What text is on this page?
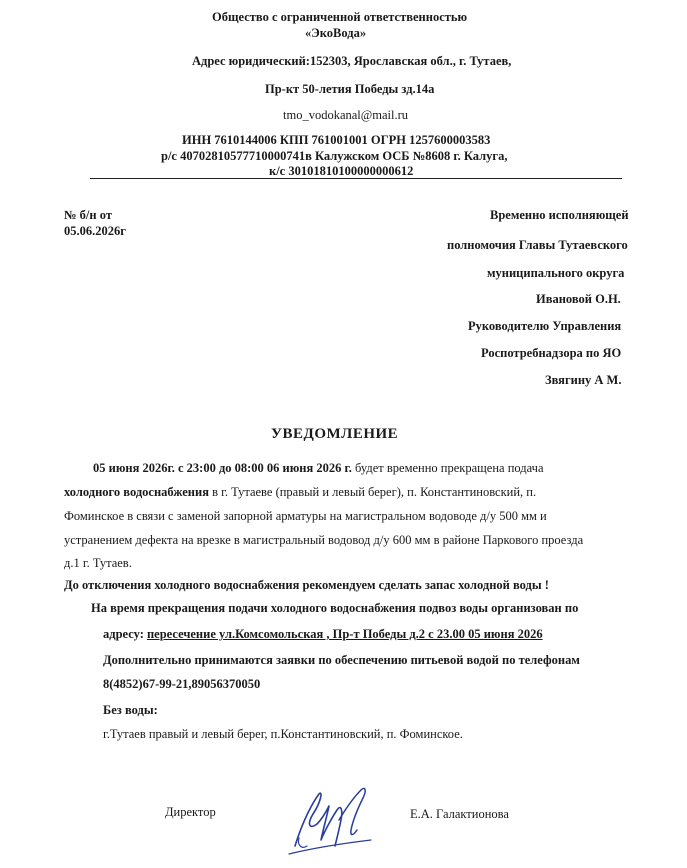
Общество с ограниченной ответственностью
«ЭкоВода»
Адрес юридический:152303, Ярославская обл., г. Тутаев,
Пр-кт 50-летия Победы зд.14а
tmo_vodokanal@mail.ru
ИНН 7610144006 КПП 761001001 ОГРН 1257600003583
р/с 40702810577710000741в Калужском ОСБ №8608 г. Калуга,
к/с 30101810100000000612
№ б/н от
05.06.2026г
Временно исполняющей
полномочия Главы Тутаевского
муниципального округа
Ивановой О.Н.
Руководителю Управления
Роспотребнадзора по ЯО
Звягину А М.
УВЕДОМЛЕНИЕ
05 июня 2026г. с 23:00 до 08:00 06 июня 2026 г. будет временно прекращена подача
холодного водоснабжения в г. Тутаеве (правый и левый берег), п. Константиновский, п.
Фоминское в связи с заменой запорной арматуры на магистральном водоводе д/у 500 мм и
устранением дефекта на врезке в магистральный водовод д/у 600 мм в районе Паркового проезда
д.1 г. Тутаев.
До отключения холодного водоснабжения рекомендуем сделать запас холодной воды !
На время прекращения подачи холодного водоснабжения подвоз воды организован по
адресу: пересечение ул.Комсомольская , Пр-т Победы д.2 с 23.00 05 июня 2026
Дополнительно принимаются заявки по обеспечению питьевой водой по телефонам
8(4852)67-99-21,89056370050
Без воды:
г.Тутаев правый и левый берег, п.Константиновский, п. Фоминское.
Директор	Е.А. Галактионова
